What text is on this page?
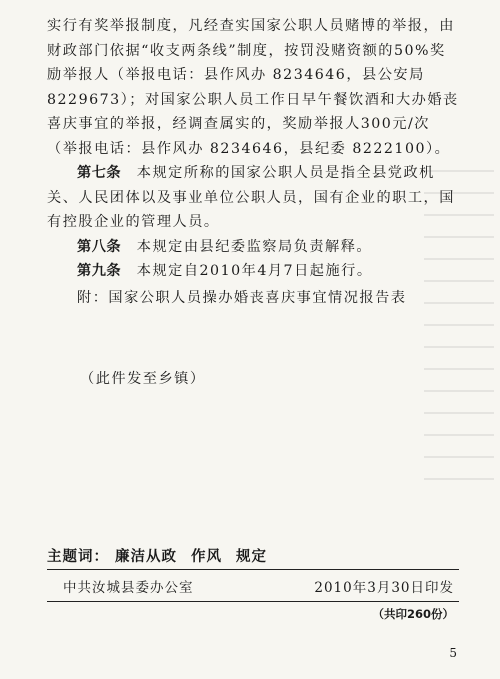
实行有奖举报制度，凡经查实国家公职人员赌博的举报，由财政部门依据“收支两条线”制度，按罚没赌资额的50%奖励举报人（举报电话：县作风办 8234646，县公安局8229673）；对国家公职人员工作日早午餐饮酒和大办婚丧喜庆事宜的举报，经调查属实的，奖励举报人300元/次（举报电话：县作风办 8234646，县纪委 8222100）。

第七条　 本规定所称的国家公职人员是指全县党政机关、人民团体以及事业单位公职人员，国有企业的职工，国有控股企业的管理人员。

第八条　 本规定由县纪委监察局负责解释。

第九条　 本规定自2010年4月7日起施行。

附：国家公职人员操办婚丧喜庆事宜情况报告表

（此件发至乡镇）
主题词： 廉洁从政 作风 规定
中共汝城县委办公室	2010年3月30日印发
（共印260份）
5
